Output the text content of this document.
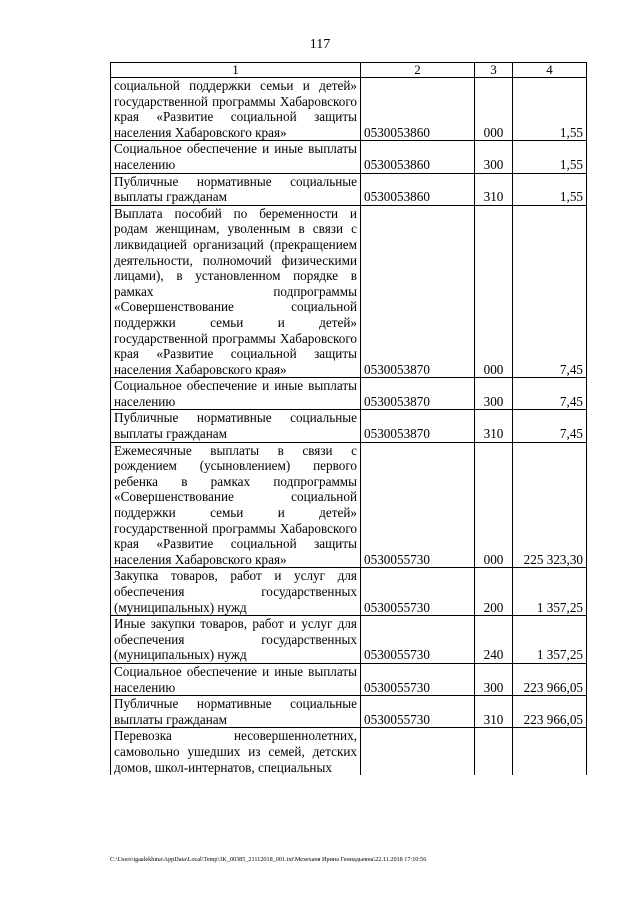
117
1	2	3	4
социальной поддержки семьи и детей» государственной программы Хабаровского края «Развитие социальной защиты населения Хабаровского края»	0530053860	000	1,55
Социальное обеспечение и иные выплаты населению	0530053860	300	1,55
Публичные нормативные социальные выплаты гражданам	0530053860	310	1,55
Выплата пособий по беременности и родам женщинам, уволенным в связи с ликвидацией организаций (прекращением деятельности, полномочий физическими лицами), в установленном порядке в рамках подпрограммы «Совершенствование социальной поддержки семьи и детей» государственной программы Хабаровского края «Развитие социальной защиты населения Хабаровского края»	0530053870	000	7,45
Социальное обеспечение и иные выплаты населению	0530053870	300	7,45
Публичные нормативные социальные выплаты гражданам	0530053870	310	7,45
Ежемесячные выплаты в связи с рождением (усыновлением) первого ребенка в рамках подпрограммы «Совершенствование социальной поддержки семьи и детей» государственной программы Хабаровского края «Развитие социальной защиты населения Хабаровского края»	0530055730	000	225 323,30
Закупка товаров, работ и услуг для обеспечения государственных (муниципальных) нужд	0530055730	200	1 357,25
Иные закупки товаров, работ и услуг для обеспечения государственных (муниципальных) нужд	0530055730	240	1 357,25
Социальное обеспечение и иные выплаты населению	0530055730	300	223 966,05
Публичные нормативные социальные выплаты гражданам	0530055730	310	223 966,05
Перевозка несовершеннолетних, самовольно ушедших из семей, детских домов, школ-интернатов, специальных			
C:\Users\igaalekhina\AppData\Local\Temp\3K_00385_21112018_001.txt\Мехеханя Ирина Геннадьевна\22.11.2018 17:10:56
